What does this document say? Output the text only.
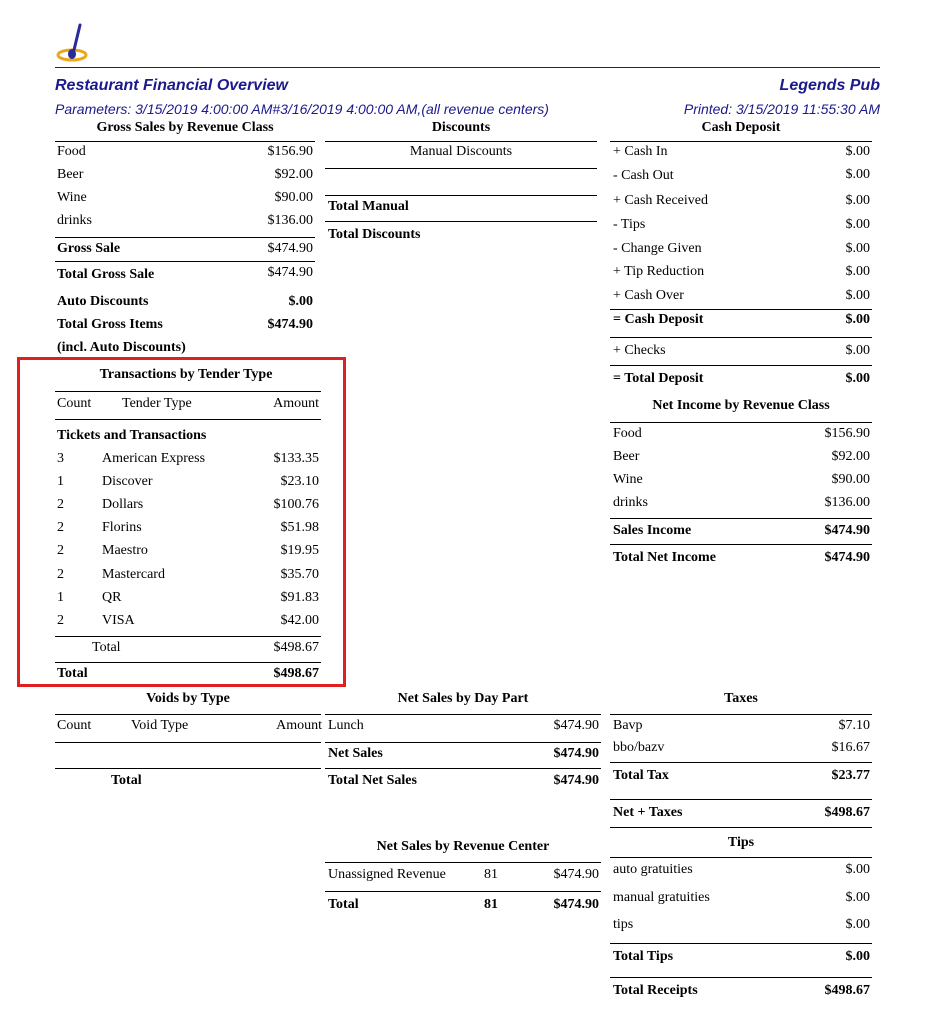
Restaurant Financial Overview	Legends Pub
Parameters: 3/15/2019 4:00:00 AM#3/16/2019 4:00:00 AM,(all revenue centers)	Printed: 3/15/2019 11:55:30 AM
Gross Sales by Revenue Class
Food	$156.90
Beer	$92.00
Wine	$90.00
drinks	$136.00
Gross Sale	$474.90
Total Gross Sale	$474.90
Auto Discounts	$.00
Total Gross Items	$474.90
(incl. Auto Discounts)
Discounts
Manual Discounts
Total Manual
Total Discounts
Cash Deposit
+ Cash In	$.00
- Cash Out	$.00
+ Cash Received	$.00
- Tips	$.00
- Change Given	$.00
+ Tip Reduction	$.00
+ Cash Over	$.00
= Cash Deposit	$.00
+ Checks	$.00
= Total Deposit	$.00
Net Income by Revenue Class
Food	$156.90
Beer	$92.00
Wine	$90.00
drinks	$136.00
Sales Income	$474.90
Total Net Income	$474.90
Transactions by Tender Type
Count Tender Type	Amount
Tickets and Transactions
3	American Express	$133.35
1	Discover	$23.10
2	Dollars	$100.76
2	Florins	$51.98
2	Maestro	$19.95
2	Mastercard	$35.70
1	QR	$91.83
2	VISA	$42.00
Total	$498.67
Total	$498.67
Voids by Type
Count	Void Type	Amount
Total
Net Sales by Day Part
Lunch	$474.90
Net Sales	$474.90
Total Net Sales	$474.90
Net Sales by Revenue Center
Unassigned Revenue	81	$474.90
Total	81	$474.90
Taxes
Bavp	$7.10
bbo/bazv	$16.67
Total Tax	$23.77
Net + Taxes	$498.67
Tips
auto gratuities	$.00
manual gratuities	$.00
tips	$.00
Total Tips	$.00
Total Receipts	$498.67
